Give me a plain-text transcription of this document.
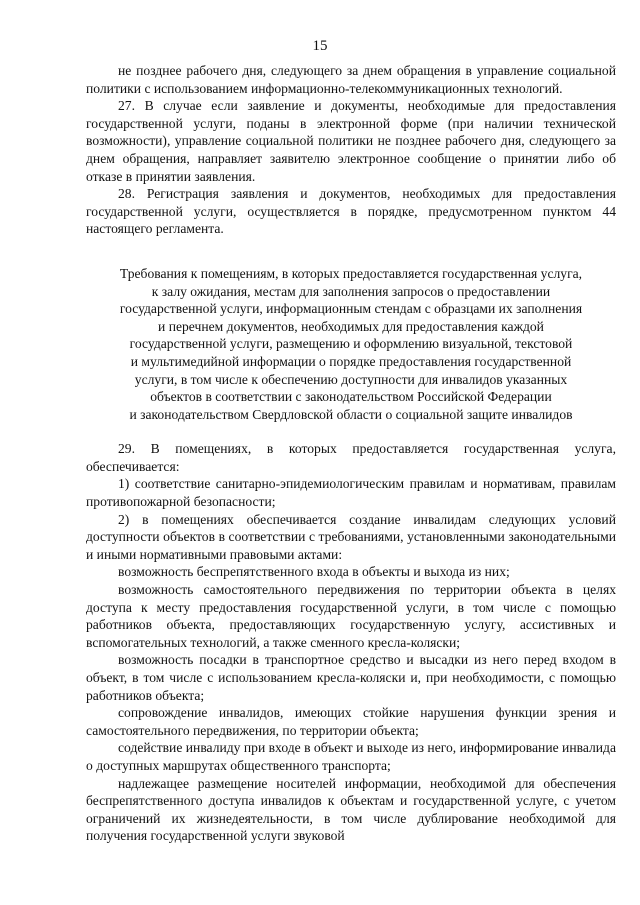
15

не позднее рабочего дня, следующего за днем обращения в управление социальной политики с использованием информационно-телекоммуникационных технологий.

27. В случае если заявление и документы, необходимые для предоставления государственной услуги, поданы в электронной форме (при наличии технической возможности), управление социальной политики не позднее рабочего дня, следующего за днем обращения, направляет заявителю электронное сообщение о принятии либо об отказе в принятии заявления.

28. Регистрация заявления и документов, необходимых для предоставления государственной услуги, осуществляется в порядке, предусмотренном пунктом 44 настоящего регламента.

Требования к помещениям, в которых предоставляется государственная услуга,

к залу ожидания, местам для заполнения запросов о предоставлении

государственной услуги, информационным стендам с образцами их заполнения

и перечнем документов, необходимых для предоставления каждой

государственной услуги, размещению и оформлению визуальной, текстовой

и мультимедийной информации о порядке предоставления государственной

услуги, в том числе к обеспечению доступности для инвалидов указанных

объектов в соответствии с законодательством Российской Федерации

и законодательством Свердловской области о социальной защите инвалидов

29. В помещениях, в которых предоставляется государственная услуга, обеспечивается:

1) соответствие санитарно-эпидемиологическим правилам и нормативам, правилам противопожарной безопасности;

2) в помещениях обеспечивается создание инвалидам следующих условий доступности объектов в соответствии с требованиями, установленными законодательными и иными нормативными правовыми актами:

возможность беспрепятственного входа в объекты и выхода из них;

возможность самостоятельного передвижения по территории объекта в целях доступа к месту предоставления государственной услуги, в том числе с помощью работников объекта, предоставляющих государственную услугу, ассистивных и вспомогательных технологий, а также сменного кресла-коляски;

возможность посадки в транспортное средство и высадки из него перед входом в объект, в том числе с использованием кресла-коляски и, при необходимости, с помощью работников объекта;

сопровождение инвалидов, имеющих стойкие нарушения функции зрения и самостоятельного передвижения, по территории объекта;

содействие инвалиду при входе в объект и выходе из него, информирование инвалида о доступных маршрутах общественного транспорта;

надлежащее размещение носителей информации, необходимой для обеспечения беспрепятственного доступа инвалидов к объектам и государственной услуге, с учетом ограничений их жизнедеятельности, в том числе дублирование необходимой для получения государственной услуги звуковой
